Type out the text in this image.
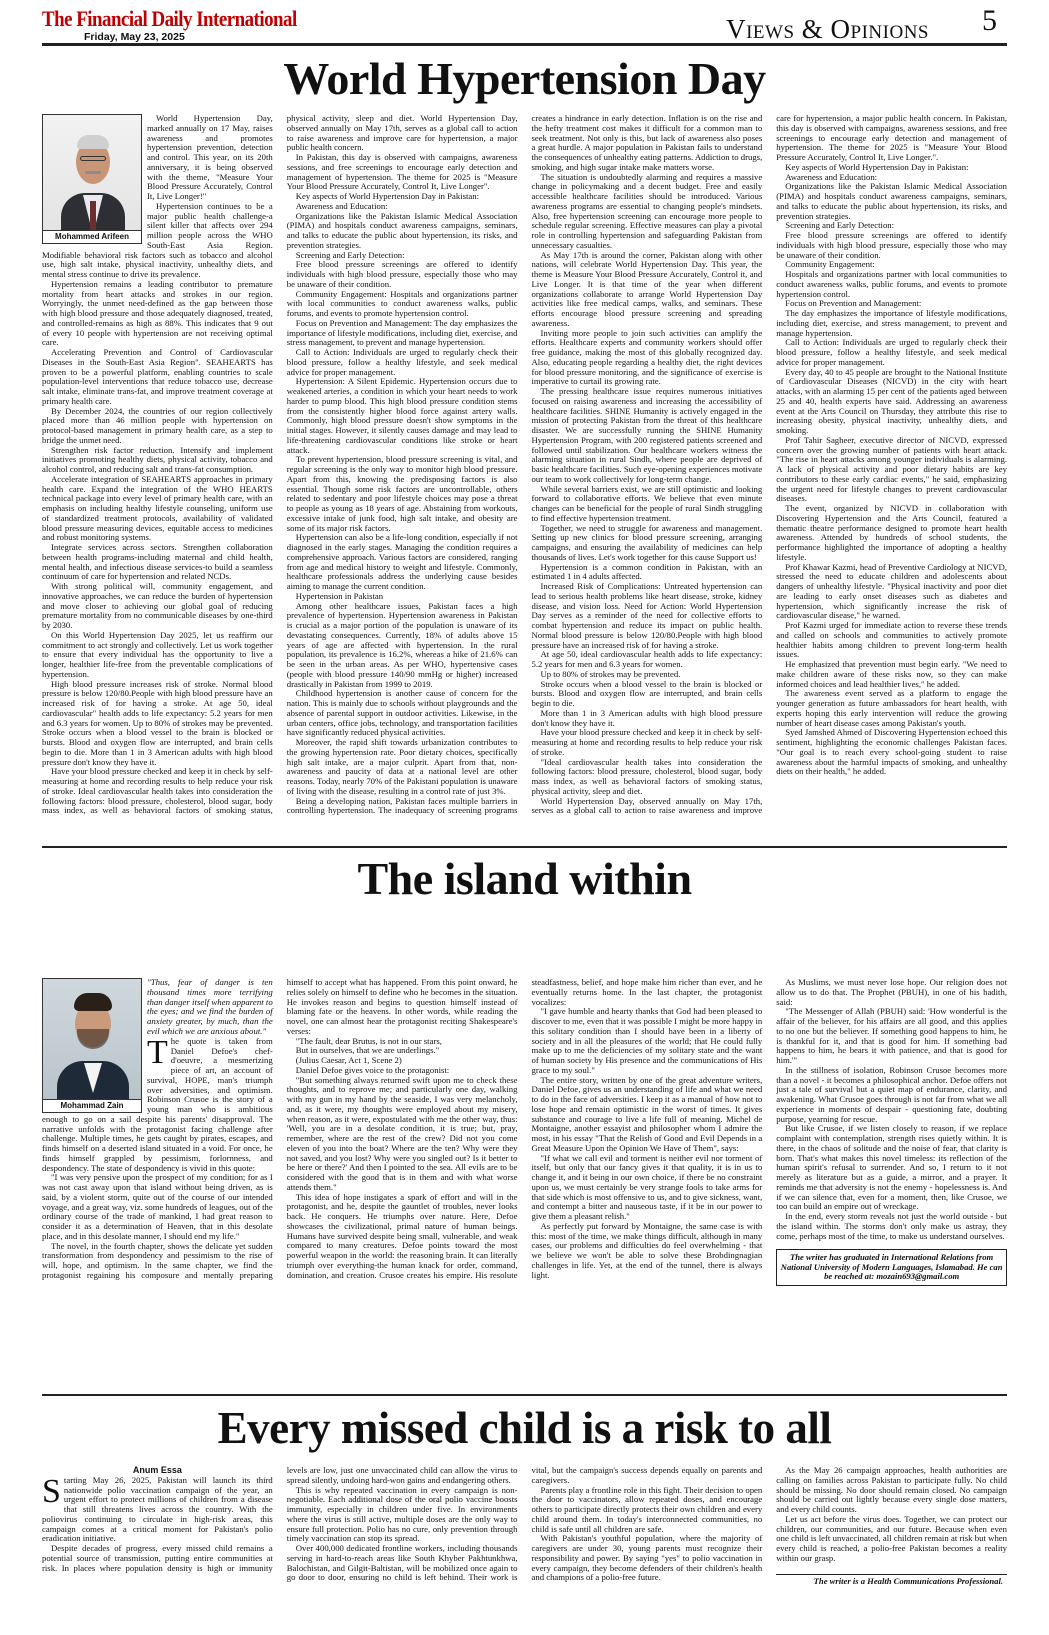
The Financial Daily International
Friday, May 23, 2025	Views & Opinions 5
World Hypertension Day
Mohammed Arifeen

World Hypertension Day, marked annually on 17 May, raises awareness and promotes hypertension prevention, detection and control. This year, on its 20th anniversary, it is being observed with the theme, "Measure Your Blood Pressure Accurately, Control It, Live Longer!"

Hypertension continues to be a major public health challenge-a silent killer that affects over 294 million people across the WHO South-East Asia Region. Modifiable behavioral risk factors such as tobacco and alcohol use, high salt intake, physical inactivity, unhealthy diets, and mental stress continue to drive its prevalence.

Hypertension remains a leading contributor to premature mortality from heart attacks and strokes in our region. Worryingly, the unmet need-defined as the gap between those with high blood pressure and those adequately diagnosed, treated, and controlled-remains as high as 88%. This indicates that 9 out of every 10 people with hypertension are not receiving optimal care.

Accelerating Prevention and Control of Cardiovascular Diseases in the South-East Asia Region". SEAHEARTS has proven to be a powerful platform, enabling countries to scale population-level interventions that reduce tobacco use, decrease salt intake, eliminate trans-fat, and improve treatment coverage at primary health care.

By December 2024, the countries of our region collectively placed more than 46 million people with hypertension on protocol-based management in primary health care, as a step to bridge the unmet need.

Strengthen risk factor reduction. Intensify and implement initiatives promoting healthy diets, physical activity, tobacco and alcohol control, and reducing salt and trans-fat consumption.

Accelerate integration of SEAHEARTS approaches in primary health care. Expand the integration of the WHO HEARTS technical package into every level of primary health care, with an emphasis on including healthy lifestyle counseling, uniform use of standardized treatment protocols, availability of validated blood pressure measuring devices, equitable access to medicines and robust monitoring systems.

Integrate services across sectors. Strengthen collaboration between health programs-including maternal and child health, mental health, and infectious disease services-to build a seamless continuum of care for hypertension and related NCDs.

With strong political will, community engagement, and innovative approaches, we can reduce the burden of hypertension and move closer to achieving our global goal of reducing premature mortality from no communicable diseases by one-third by 2030.

On this World Hypertension Day 2025, let us reaffirm our commitment to act strongly and collectively. Let us work together to ensure that every individual has the opportunity to live a longer, healthier life-free from the preventable complications of hypertension.

High blood pressure increases risk of stroke. Normal blood pressure is below 120/80.People with high blood pressure have an increased risk of for having a stroke. At age 50, ideal cardiovascular" health adds to life expectancy: 5.2 years for men and 6.3 years for women. Up to 80% of strokes may be prevented. Stroke occurs when a blood vessel to the brain is blocked or bursts. Blood and oxygen flow are interrupted, and brain cells begin to die. More than 1 in 3 American adults with high blood pressure don't know they have it.

Have your blood pressure checked and keep it in check by self-measuring at home and recording results to help reduce your risk of stroke. Ideal cardiovascular health takes into consideration the following factors: blood pressure, cholesterol, blood sugar, body mass index, as well as behavioral factors of smoking status, physical activity, sleep and diet. World Hypertension Day, observed annually on May 17th, serves as a global call to action to raise awareness and improve care for hypertension, a major public health concern.

In Pakistan, this day is observed with campaigns, awareness sessions, and free screenings to encourage early detection and management of hypertension. The theme for 2025 is "Measure Your Blood Pressure Accurately, Control It, Live Longer".

Key aspects of World Hypertension Day in Pakistan:

Awareness and Education:

Organizations like the Pakistan Islamic Medical Association (PIMA) and hospitals conduct awareness campaigns, seminars, and talks to educate the public about hypertension, its risks, and prevention strategies.

Screening and Early Detection:

Free blood pressure screenings are offered to identify individuals with high blood pressure, especially those who may be unaware of their condition.

Community Engagement: Hospitals and organizations partner with local communities to conduct awareness walks, public forums, and events to promote hypertension control.

Focus on Prevention and Management: The day emphasizes the importance of lifestyle modifications, including diet, exercise, and stress management, to prevent and manage hypertension.

Call to Action: Individuals are urged to regularly check their blood pressure, follow a healthy lifestyle, and seek medical advice for proper management.

Hypertension: A Silent Epidemic. Hypertension occurs due to weakened arteries, a condition in which your heart needs to work harder to pump blood. This high blood pressure condition stems from the consistently higher blood force against artery walls. Commonly, high blood pressure doesn't show symptoms in the initial stages. However, it silently causes damage and may lead to life-threatening cardiovascular conditions like stroke or heart attack.

To prevent hypertension, blood pressure screening is vital, and regular screening is the only way to monitor high blood pressure. Apart from this, knowing the predisposing factors is also essential. Though some risk factors are uncontrollable, others related to sedentary and poor lifestyle choices may pose a threat to people as young as 18 years of age. Abstaining from workouts, excessive intake of junk food, high salt intake, and obesity are some of its major risk factors.

Hypertension can also be a life-long condition, especially if not diagnosed in the early stages. Managing the condition requires a comprehensive approach. Various factors are considered, ranging from age and medical history to weight and lifestyle. Commonly, healthcare professionals address the underlying cause besides aiming to manage the current condition.

Hypertension in Pakistan

Among other healthcare issues, Pakistan faces a high prevalence of hypertension. Hypertension awareness in Pakistan is crucial as a major portion of the population is unaware of its devastating consequences. Currently, 18% of adults above 15 years of age are affected with hypertension. In the rural population, its prevalence is 16.2%, whereas a hike of 21.6% can be seen in the urban areas. As per WHO, hypertensive cases (people with blood pressure 140/90 mmHg or higher) increased drastically in Pakistan from 1999 to 2019.

Childhood hypertension is another cause of concern for the nation. This is mainly due to schools without playgrounds and the absence of parental support in outdoor activities. Likewise, in the urban centers, office jobs, technology, and transportation facilities have significantly reduced physical activities.

Moreover, the rapid shift towards urbanization contributes to the growing hypertension rate. Poor dietary choices, specifically high salt intake, are a major culprit. Apart from that, non-awareness and paucity of data at a national level are other reasons. Today, nearly 70% of the Pakistani population is unaware of living with the disease, resulting in a control rate of just 3%.

Being a developing nation, Pakistan faces multiple barriers in controlling hypertension. The inadequacy of screening programs creates a hindrance in early detection. Inflation is on the rise and the hefty treatment cost makes it difficult for a common man to seek treatment. Not only is this, but lack of awareness also poses a great hurdle. A major population in Pakistan fails to understand the consequences of unhealthy eating patterns. Addiction to drugs, smoking, and high sugar intake make matters worse.

The situation is undoubtedly alarming and requires a massive change in policymaking and a decent budget. Free and easily accessible healthcare facilities should be introduced. Various awareness programs are essential to changing people's mindsets. Also, free hypertension screening can encourage more people to schedule regular screening. Effective measures can play a pivotal role in controlling hypertension and safeguarding Pakistan from unnecessary casualties.

As May 17th is around the corner, Pakistan along with other nations, will celebrate World Hypertension Day. This year, the theme is Measure Your Blood Pressure Accurately, Control it, and Live Longer. It is that time of the year when different organizations collaborate to arrange World Hypertension Day activities like free medical camps, walks, and seminars. These efforts encourage blood pressure screening and spreading awareness.

Inviting more people to join such activities can amplify the efforts. Healthcare experts and community workers should offer free guidance, making the most of this globally recognized day. Also, educating people regarding a healthy diet, the right devices for blood pressure monitoring, and the significance of exercise is imperative to curtail its growing rate.

The pressing healthcare issue requires numerous initiatives focused on raising awareness and increasing the accessibility of healthcare facilities. SHINE Humanity is actively engaged in the mission of protecting Pakistan from the threat of this healthcare disaster. We are successfully running the SHINE Humanity Hypertension Program, with 200 registered patients screened and followed until stabilization. Our healthcare workers witness the alarming situation in rural Sindh, where people are deprived of basic healthcare facilities. Such eye-opening experiences motivate our team to work collectively for long-term change.

While several barriers exist, we are still optimistic and looking forward to collaborative efforts. We believe that even minute changes can be beneficial for the people of rural Sindh struggling to find effective hypertension treatment.

Together, we need to struggle for awareness and management. Setting up new clinics for blood pressure screening, arranging campaigns, and ensuring the availability of medicines can help thousands of lives. Let's work together for this cause Support us!

Hypertension is a common condition in Pakistan, with an estimated 1 in 4 adults affected.

Increased Risk of Complications: Untreated hypertension can lead to serious health problems like heart disease, stroke, kidney disease, and vision loss. Need for Action: World Hypertension Day serves as a reminder of the need for collective efforts to combat hypertension and reduce its impact on public health. Normal blood pressure is below 120/80.People with high blood pressure have an increased risk of for having a stroke.

At age 50, ideal cardiovascular health adds to life expectancy: 5.2 years for men and 6.3 years for women.

Up to 80% of strokes may be prevented.

Stroke occurs when a blood vessel to the brain is blocked or bursts. Blood and oxygen flow are interrupted, and brain cells begin to die.

More than 1 in 3 American adults with high blood pressure don't know they have it.

Have your blood pressure checked and keep it in check by self-measuring at home and recording results to help reduce your risk of stroke.

"Ideal cardiovascular health takes into consideration the following factors: blood pressure, cholesterol, blood sugar, body mass index, as well as behavioral factors of smoking status, physical activity, sleep and diet.

World Hypertension Day, observed annually on May 17th, serves as a global call to action to raise awareness and improve care for hypertension, a major public health concern. In Pakistan, this day is observed with campaigns, awareness sessions, and free screenings to encourage early detection and management of hypertension. The theme for 2025 is "Measure Your Blood Pressure Accurately, Control It, Live Longer.".

Key aspects of World Hypertension Day in Pakistan:

Awareness and Education:

Organizations like the Pakistan Islamic Medical Association (PIMA) and hospitals conduct awareness campaigns, seminars, and talks to educate the public about hypertension, its risks, and prevention strategies.

Screening and Early Detection:

Free blood pressure screenings are offered to identify individuals with high blood pressure, especially those who may be unaware of their condition.

Community Engagement:

Hospitals and organizations partner with local communities to conduct awareness walks, public forums, and events to promote hypertension control.

Focus on Prevention and Management:

The day emphasizes the importance of lifestyle modifications, including diet, exercise, and stress management, to prevent and manage hypertension.

Call to Action: Individuals are urged to regularly check their blood pressure, follow a healthy lifestyle, and seek medical advice for proper management.

Every day, 40 to 45 people are brought to the National Institute of Cardiovascular Diseases (NICVD) in the city with heart attacks, with an alarming 15 per cent of the patients aged between 25 and 40, health experts have said. Addressing an awareness event at the Arts Council on Thursday, they attribute this rise to increasing obesity, physical inactivity, unhealthy diets, and smoking.

Prof Tahir Sagheer, executive director of NICVD, expressed concern over the growing number of patients with heart attack. "The rise in heart attacks among younger individuals is alarming. A lack of physical activity and poor dietary habits are key contributors to these early cardiac events," he said, emphasizing the urgent need for lifestyle changes to prevent cardiovascular diseases.

The event, organized by NICVD in collaboration with Discovering Hypertension and the Arts Council, featured a thematic theatre performance designed to promote heart health awareness. Attended by hundreds of school students, the performance highlighted the importance of adopting a healthy lifestyle.

Prof Khawar Kazmi, head of Preventive Cardiology at NICVD, stressed the need to educate children and adolescents about dangers of unhealthy lifestyle. "Physical inactivity and poor diet are leading to early onset diseases such as diabetes and hypertension, which significantly increase the risk of cardiovascular disease," he warned.

Prof Kazmi urged for immediate action to reverse these trends and called on schools and communities to actively promote healthier habits among children to prevent long-term health issues.

He emphasized that prevention must begin early. "We need to make children aware of these risks now, so they can make informed choices and lead healthier lives," he added.

The awareness event served as a platform to engage the younger generation as future ambassadors for heart health, with experts hoping this early intervention will reduce the growing number of heart disease cases among Pakistan's youth.

Syed Jamshed Ahmed of Discovering Hypertension echoed this sentiment, highlighting the economic challenges Pakistan faces. "Our goal is to reach every school-going student to raise awareness about the harmful impacts of smoking, and unhealthy diets on their health," he added.

The island within
Mohammad Zain

"Thus, fear of danger is ten thousand times more terrifying than danger itself when apparent to the eyes; and we find the burden of anxiety greater, by much, than the evil which we are anxious about."

The quote is taken from Daniel Defoe's chef-d'oeuvre, a mesmerizing piece of art, an account of survival, HOPE, man's triumph over adversities, and optimism. Robinson Crusoe is the story of a young man who is ambitious enough to go on a sail despite his parents' disapproval. The narrative unfolds with the protagonist facing challenge after challenge. Multiple times, he gets caught by pirates, escapes, and finds himself on a deserted island situated in a void. For once, he finds himself grappled by pessimism, forlornness, and despondency. The state of despondency is vivid in this quote:

"I was very pensive upon the prospect of my condition; for as I was not cast away upon that island without being driven, as is said, by a violent storm, quite out of the course of our intended voyage, and a great way, viz. some hundreds of leagues, out of the ordinary course of the trade of mankind, I had great reason to consider it as a determination of Heaven, that in this desolate place, and in this desolate manner, I should end my life."

The novel, in the fourth chapter, shows the delicate yet sudden transformation from despondency and pessimism to the rise of will, hope, and optimism. In the same chapter, we find the protagonist regaining his composure and mentally preparing himself to accept what has happened. From this point onward, he relies solely on himself to define who he becomes in the situation. He invokes reason and begins to question himself instead of blaming fate or the heavens. In other words, while reading the novel, one can almost hear the protagonist reciting Shakespeare's verses:

"The fault, dear Brutus, is not in our stars,

But in ourselves, that we are underlings."

(Julius Caesar, Act 1, Scene 2)

Daniel Defoe gives voice to the protagonist:

"But something always returned swift upon me to check these thoughts, and to reprove me; and particularly one day, walking with my gun in my hand by the seaside, I was very melancholy, and, as it were, my thoughts were employed about my misery, when reason, as it were, expostulated with me the other way, thus: 'Well, you are in a desolate condition, it is true; but, pray, remember, where are the rest of the crew? Did not you come eleven of you into the boat? Where are the ten? Why were they not saved, and you lost? Why were you singled out? Is it better to be here or there?' And then I pointed to the sea. All evils are to be considered with the good that is in them and with what worse attends them."

This idea of hope instigates a spark of effort and will in the protagonist, and he, despite the gauntlet of troubles, never looks back. He conquers. He triumphs over nature. Here, Defoe showcases the civilizational, primal nature of human beings. Humans have survived despite being small, vulnerable, and weak compared to many creatures. Defoe points toward the most powerful weapon in the world: the reasoning brain. It can literally triumph over everything-the human knack for order, command, domination, and creation. Crusoe creates his empire. His resolute steadfastness, belief, and hope make him richer than ever, and he eventually returns home. In the last chapter, the protagonist vocalizes:

"I gave humble and hearty thanks that God had been pleased to discover to me, even that it was possible I might be more happy in this solitary condition than I should have been in a liberty of society and in all the pleasures of the world; that He could fully make up to me the deficiencies of my solitary state and the want of human society by His presence and the communications of His grace to my soul."

The entire story, written by one of the great adventure writers, Daniel Defoe, gives us an understanding of life and what we need to do in the face of adversities. I keep it as a manual of how not to lose hope and remain optimistic in the worst of times. It gives substance and courage to live a life full of meaning. Michel de Montaigne, another essayist and philosopher whom I admire the most, in his essay "That the Relish of Good and Evil Depends in a Great Measure Upon the Opinion We Have of Them", says:

"If what we call evil and torment is neither evil nor torment of itself, but only that our fancy gives it that quality, it is in us to change it, and it being in our own choice, if there be no constraint upon us, we must certainly be very strange fools to take arms for that side which is most offensive to us, and to give sickness, want, and contempt a bitter and nauseous taste, if it be in our power to give them a pleasant relish."

As perfectly put forward by Montaigne, the same case is with this: most of the time, we make things difficult, although in many cases, our problems and difficulties do feel overwhelming - that we believe we won't be able to solve these Brobdingnagian challenges in life. Yet, at the end of the tunnel, there is always light.

As Muslims, we must never lose hope. Our religion does not allow us to do that. The Prophet (PBUH), in one of his hadith, said:

"The Messenger of Allah (PBUH) said: 'How wonderful is the affair of the believer, for his affairs are all good, and this applies to no one but the believer. If something good happens to him, he is thankful for it, and that is good for him. If something bad happens to him, he bears it with patience, and that is good for him.'"

In the stillness of isolation, Robinson Crusoe becomes more than a novel - it becomes a philosophical anchor. Defoe offers not just a tale of survival but a quiet map of endurance, clarity, and awakening. What Crusoe goes through is not far from what we all experience in moments of despair - questioning fate, doubting purpose, yearning for rescue.

But like Crusoe, if we listen closely to reason, if we replace complaint with contemplation, strength rises quietly within. It is there, in the chaos of solitude and the noise of fear, that clarity is born. That's what makes this novel timeless: its reflection of the human spirit's refusal to surrender. And so, I return to it not merely as literature but as a guide, a mirror, and a prayer. It reminds me that adversity is not the enemy - hopelessness is. And if we can silence that, even for a moment, then, like Crusoe, we too can build an empire out of wreckage.

In the end, every storm reveals not just the world outside - but the island within. The storms don't only make us astray, they come, perhaps most of the time, to make us understand ourselves.

The writer has graduated in International Relations from National University of Modern Languages, Islamabad. He can be reached at: mozain693@gmail.com
Every missed child is a risk to all

Anum Essa

Starting May 26, 2025, Pakistan will launch its third nationwide polio vaccination campaign of the year, an urgent effort to protect millions of children from a disease that still threatens lives across the country. With the poliovirus continuing to circulate in high-risk areas, this campaign comes at a critical moment for Pakistan's polio eradication initiative.

Despite decades of progress, every missed child remains a potential source of transmission, putting entire communities at risk. In places where population density is high or immunity levels are low, just one unvaccinated child can allow the virus to spread silently, undoing hard-won gains and endangering others.

This is why repeated vaccination in every campaign is non-negotiable. Each additional dose of the oral polio vaccine boosts immunity, especially in children under five. In environments where the virus is still active, multiple doses are the only way to ensure full protection. Polio has no cure, only prevention through timely vaccination can stop its spread.

Over 400,000 dedicated frontline workers, including thousands serving in hard-to-reach areas like South Khyber Pakhtunkhwa, Balochistan, and Gilgit-Baltistan, will be mobilized once again to go door to door, ensuring no child is left behind. Their work is vital, but the campaign's success depends equally on parents and caregivers.

Parents play a frontline role in this fight. Their decision to open the door to vaccinators, allow repeated doses, and encourage others to participate directly protects their own children and every child around them. In today's interconnected communities, no child is safe until all children are safe.

With Pakistan's youthful population, where the majority of caregivers are under 30, young parents must recognize their responsibility and power. By saying "yes" to polio vaccination in every campaign, they become defenders of their children's health and champions of a polio-free future.

As the May 26 campaign approaches, health authorities are calling on families across Pakistan to participate fully. No child should be missing. No door should remain closed. No campaign should be carried out lightly because every single dose matters, and every child counts.

Let us act before the virus does. Together, we can protect our children, our communities, and our future. Because when even one child is left unvaccinated, all children remain at risk but when every child is reached, a polio-free Pakistan becomes a reality within our grasp.

The writer is a Health Communications Professional.
